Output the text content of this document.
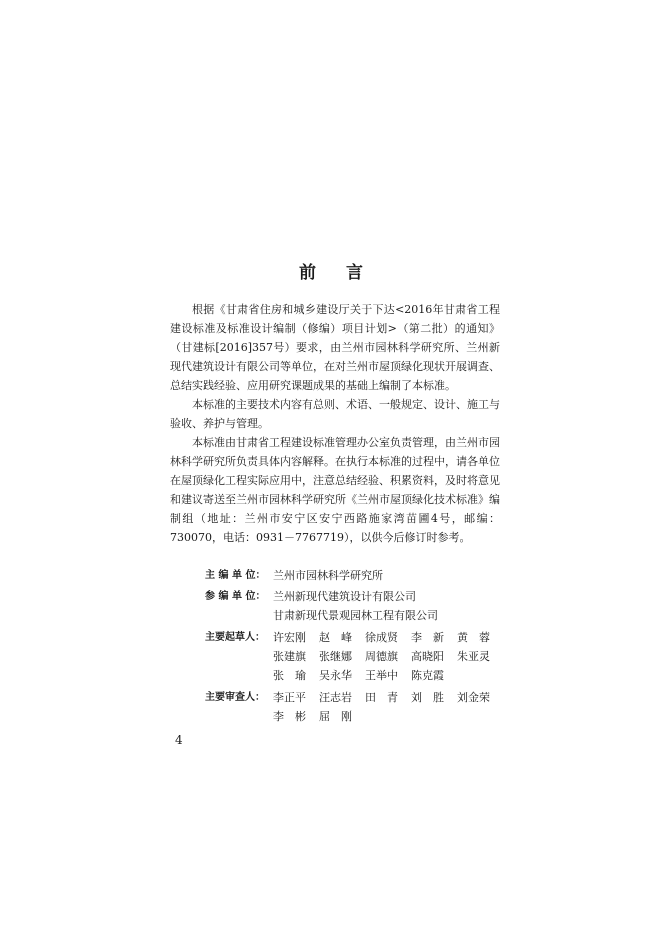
前 言

根据《甘肃省住房和城乡建设厅关于下达<2016年甘肃省工程建设标准及标准设计编制（修编）项目计划>（第二批）的通知》（甘建标[2016]357号）要求，由兰州市园林科学研究所、兰州新现代建筑设计有限公司等单位，在对兰州市屋顶绿化现状开展调查、总结实践经验、应用研究课题成果的基础上编制了本标准。

本标准的主要技术内容有总则、术语、一般规定、设计、施工与验收、养护与管理。

本标准由甘肃省工程建设标准管理办公室负责管理，由兰州市园林科学研究所负责具体内容解释。在执行本标准的过程中，请各单位在屋顶绿化工程实际应用中，注意总结经验、积累资料，及时将意见和建议寄送至兰州市园林科学研究所《兰州市屋顶绿化技术标准》编制组（地址：兰州市安宁区安宁西路施家湾苗圃4号，邮编：730070，电话：0931－7767719），以供今后修订时参考。

主 编 单 位： 兰州市园林科学研究所
参 编 单 位： 兰州新现代建筑设计有限公司
甘肃新现代景观园林工程有限公司
主要起草人： 许宏刚	赵　峰	徐成贤	李　新	黄　蓉
张建旗	张继娜	周德旗	高晓阳	朱亚灵
张　瑜	吴永华	王举中	陈克霞
主要审查人： 李正平	汪志岩	田　青	刘　胜	刘金荣
李　彬	屈　刚
4
